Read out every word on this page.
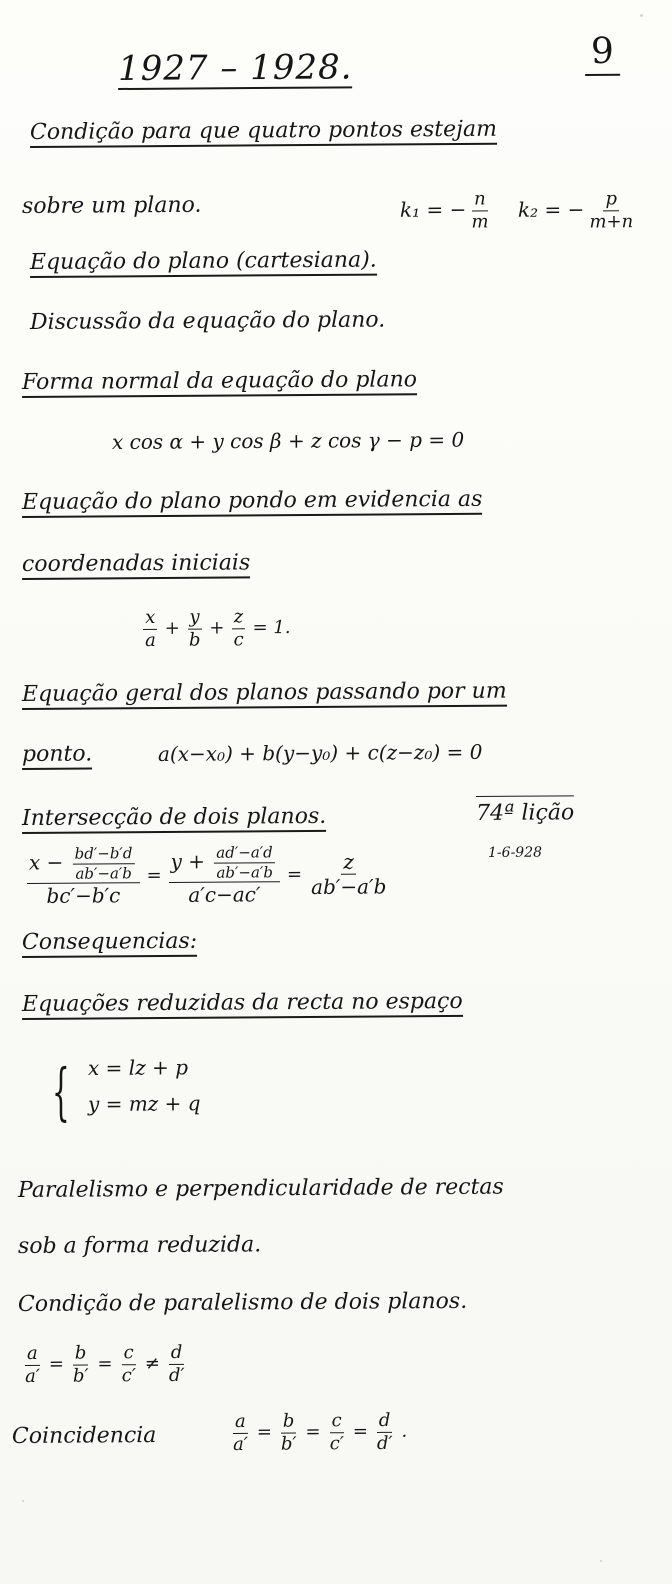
1927 – 1928.	9
Condição para que quatro pontos estejam
sobre um plano.	k₁ = − $\frac{n}{m} k_2$ = − $\frac{p}{m+n}$
Equação do plano (cartesiana).
Discussão da equação do plano.
Forma normal da equação do plano
x cos α + y cos β + z cos γ − p = 0
Equação do plano pondo em evidencia as
coordenadas iniciais
$\frac{x}{a} + \frac{y}{b} + \frac{z}{c} = 1$.
Equação geral dos planos passando por um
ponto.	a(x−x₀) + b(y−y₀) + c(z−z₀) = 0
Intersecção de dois planos.	74ª lição
1-6-928
$\frac{x - \frac{bd'-b'd}{ab'-a'b}}{bc'-b'c} = \frac{y + \frac{ad'-a'd}{ab'-a'b}}{a'c-ac'} = \frac{z}{ab'-a'b}$
Consequencias:
Equações reduzidas da recta no espaço
{ x = lz + p
y = mz + q
Paralelismo e perpendicularidade de rectas
sob a forma reduzida.
Condição de paralelismo de dois planos.
$\frac{a}{a'} = \frac{b}{b'} = \frac{c}{c'} \ne \frac{d}{d'}$
Coincidencia	$\frac{a}{a'} = \frac{b}{b'} = \frac{c}{c'} = \frac{d}{d'}$ .
